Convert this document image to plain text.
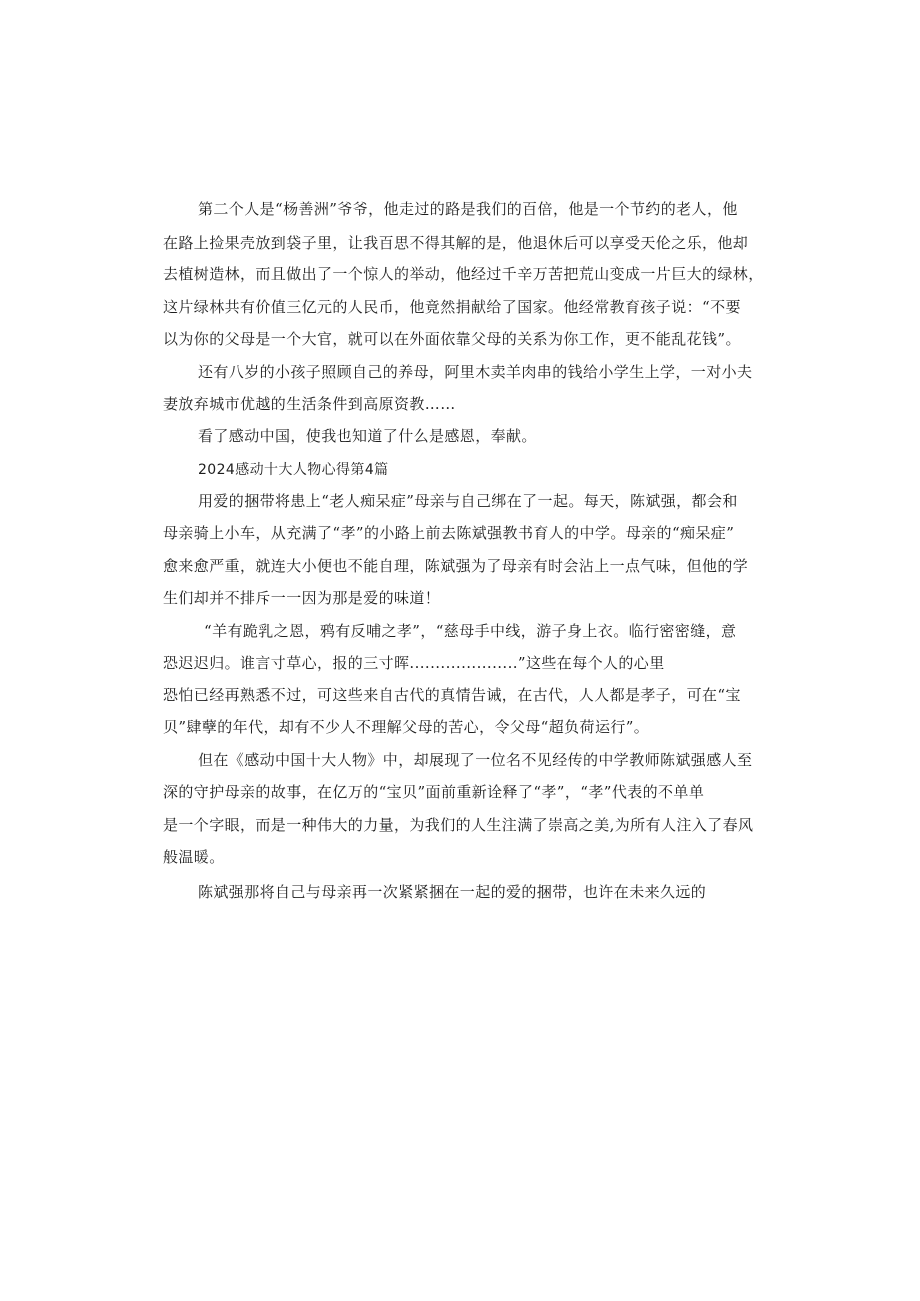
第二个人是“杨善洲”爷爷，他走过的路是我们的百倍，他是一个节约的老人，他
在路上捡果壳放到袋子里，让我百思不得其解的是，他退休后可以享受天伦之乐，他却
去植树造林，而且做出了一个惊人的举动，他经过千辛万苦把荒山变成一片巨大的绿林，
这片绿林共有价值三亿元的人民币，他竟然捐献给了国家。他经常教育孩子说：“不要
以为你的父母是一个大官，就可以在外面依靠父母的关系为你工作，更不能乱花钱”。
还有八岁的小孩子照顾自己的养母，阿里木卖羊肉串的钱给小学生上学，一对小夫
妻放弃城市优越的生活条件到高原资教……
看了感动中国，使我也知道了什么是感恩，奉献。
2024感动十大人物心得第4篇
用爱的捆带将患上“老人痴呆症”母亲与自己绑在了一起。每天，陈斌强，都会和
母亲骑上小车，从充满了“孝”的小路上前去陈斌强教书育人的中学。母亲的“痴呆症”
愈来愈严重，就连大小便也不能自理，陈斌强为了母亲有时会沾上一点气味，但他的学
生们却并不排斥一一因为那是爱的味道！
“羊有跪乳之恩，鸦有反哺之孝”，“慈母手中线，游子身上衣。临行密密缝，意
恐迟迟归。谁言寸草心，报的三寸晖.....................”这些在每个人的心里
恐怕已经再熟悉不过，可这些来自古代的真情告诫，在古代，人人都是孝子，可在“宝
贝”肆孽的年代，却有不少人不理解父母的苦心，令父母“超负荷运行”。
但在《感动中国十大人物》中，却展现了一位名不见经传的中学教师陈斌强感人至
深的守护母亲的故事，在亿万的“宝贝”面前重新诠释了“孝”，“孝”代表的不单单
是一个字眼，而是一种伟大的力量，为我们的人生注满了崇高之美,为所有人注入了春风
般温暖。
陈斌强那将自己与母亲再一次紧紧捆在一起的爱的捆带，也许在未来久远的
